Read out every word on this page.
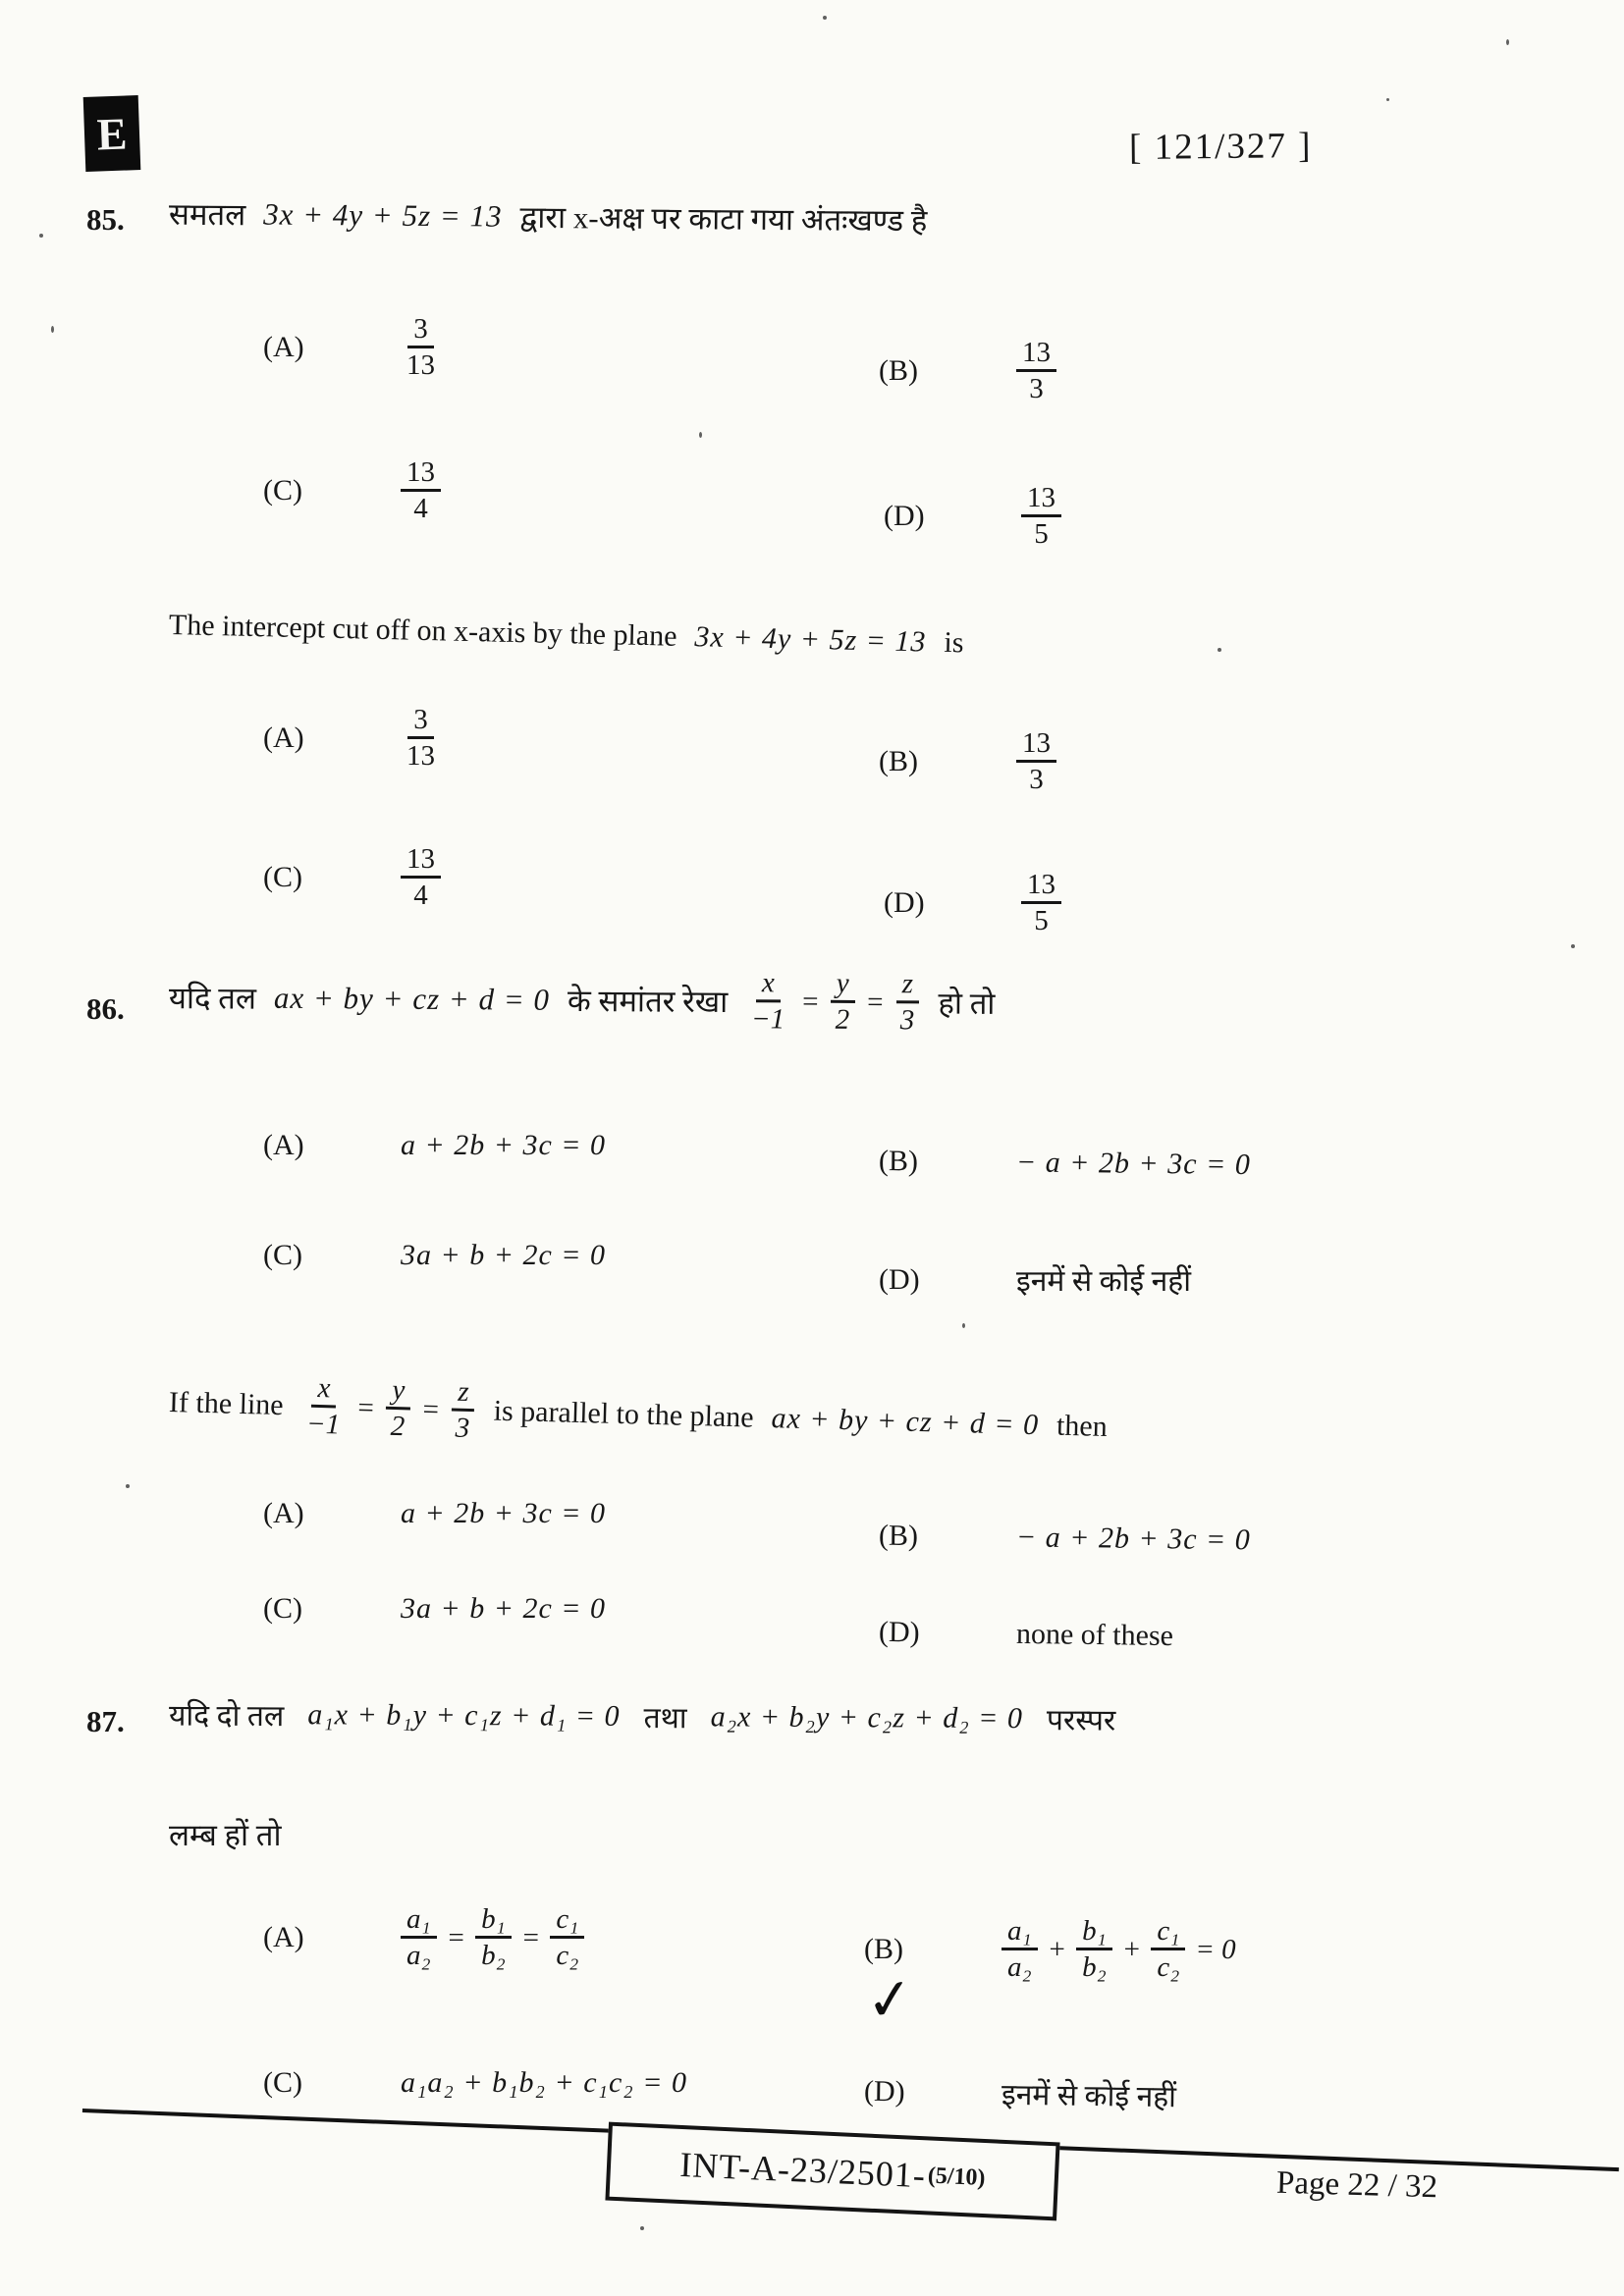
E	[ 121/327 ]
85. समतल 3x + 4y + 5z = 13 द्वारा x-अक्ष पर काटा गया अंतःखण्ड है
(A)	$\frac{3}{13}$	(B)	$\frac{13}{3}$
(C)	$\frac{13}{4}$	(D)	$\frac{13}{5}$
The intercept cut off on x-axis by the plane 3x + 4y + 5z = 13 is
(A)	$\frac{3}{13}$	(B)	$\frac{13}{3}$
(C)	$\frac{13}{4}$	(D)	$\frac{13}{5}$
86. यदि तल ax + by + cz + d = 0 के समांतर रेखा $\frac{x}{-1} = \frac{y}{2} = \frac{z}{3}$ हो तो
(A)	a + 2b + 3c = 0	(B)	− a + 2b + 3c = 0
(C)	3a + b + 2c = 0
(D)	इनमें से कोई नहीं
If the line $\frac{x}{-1} = \frac{y}{2} = \frac{z}{3}$ is parallel to the plane ax + by + cz + d = 0 then
(A)	a + 2b + 3c = 0
(B)	− a + 2b + 3c = 0
(C)	3a + b + 2c = 0
(D)	none of these
87. यदि दो तल a₁x + b₁y + c₁z + d₁ = 0 तथा a₂x + b₂y + c₂z + d₂ = 0 परस्पर
लम्ब हों तो
(A)	$\frac{\text{a₁}}{\text{a₂}} = \frac{\text{b₁}}{\text{b₂}} = \frac{\text{c₁}}{\text{c₂}}$	(B)
✓
$\frac{\text{a₁}}{\text{a₂}} + \frac{\text{b₁}}{\text{b₂}} + \frac{\text{c₁}}{\text{c₂}} = 0$
(C)	a₁a₂ + b₁b₂ + c₁c₂ = 0	(D)	इनमें से कोई नहीं
INT-A-23/2501- (5/10)	Page 22 / 32
